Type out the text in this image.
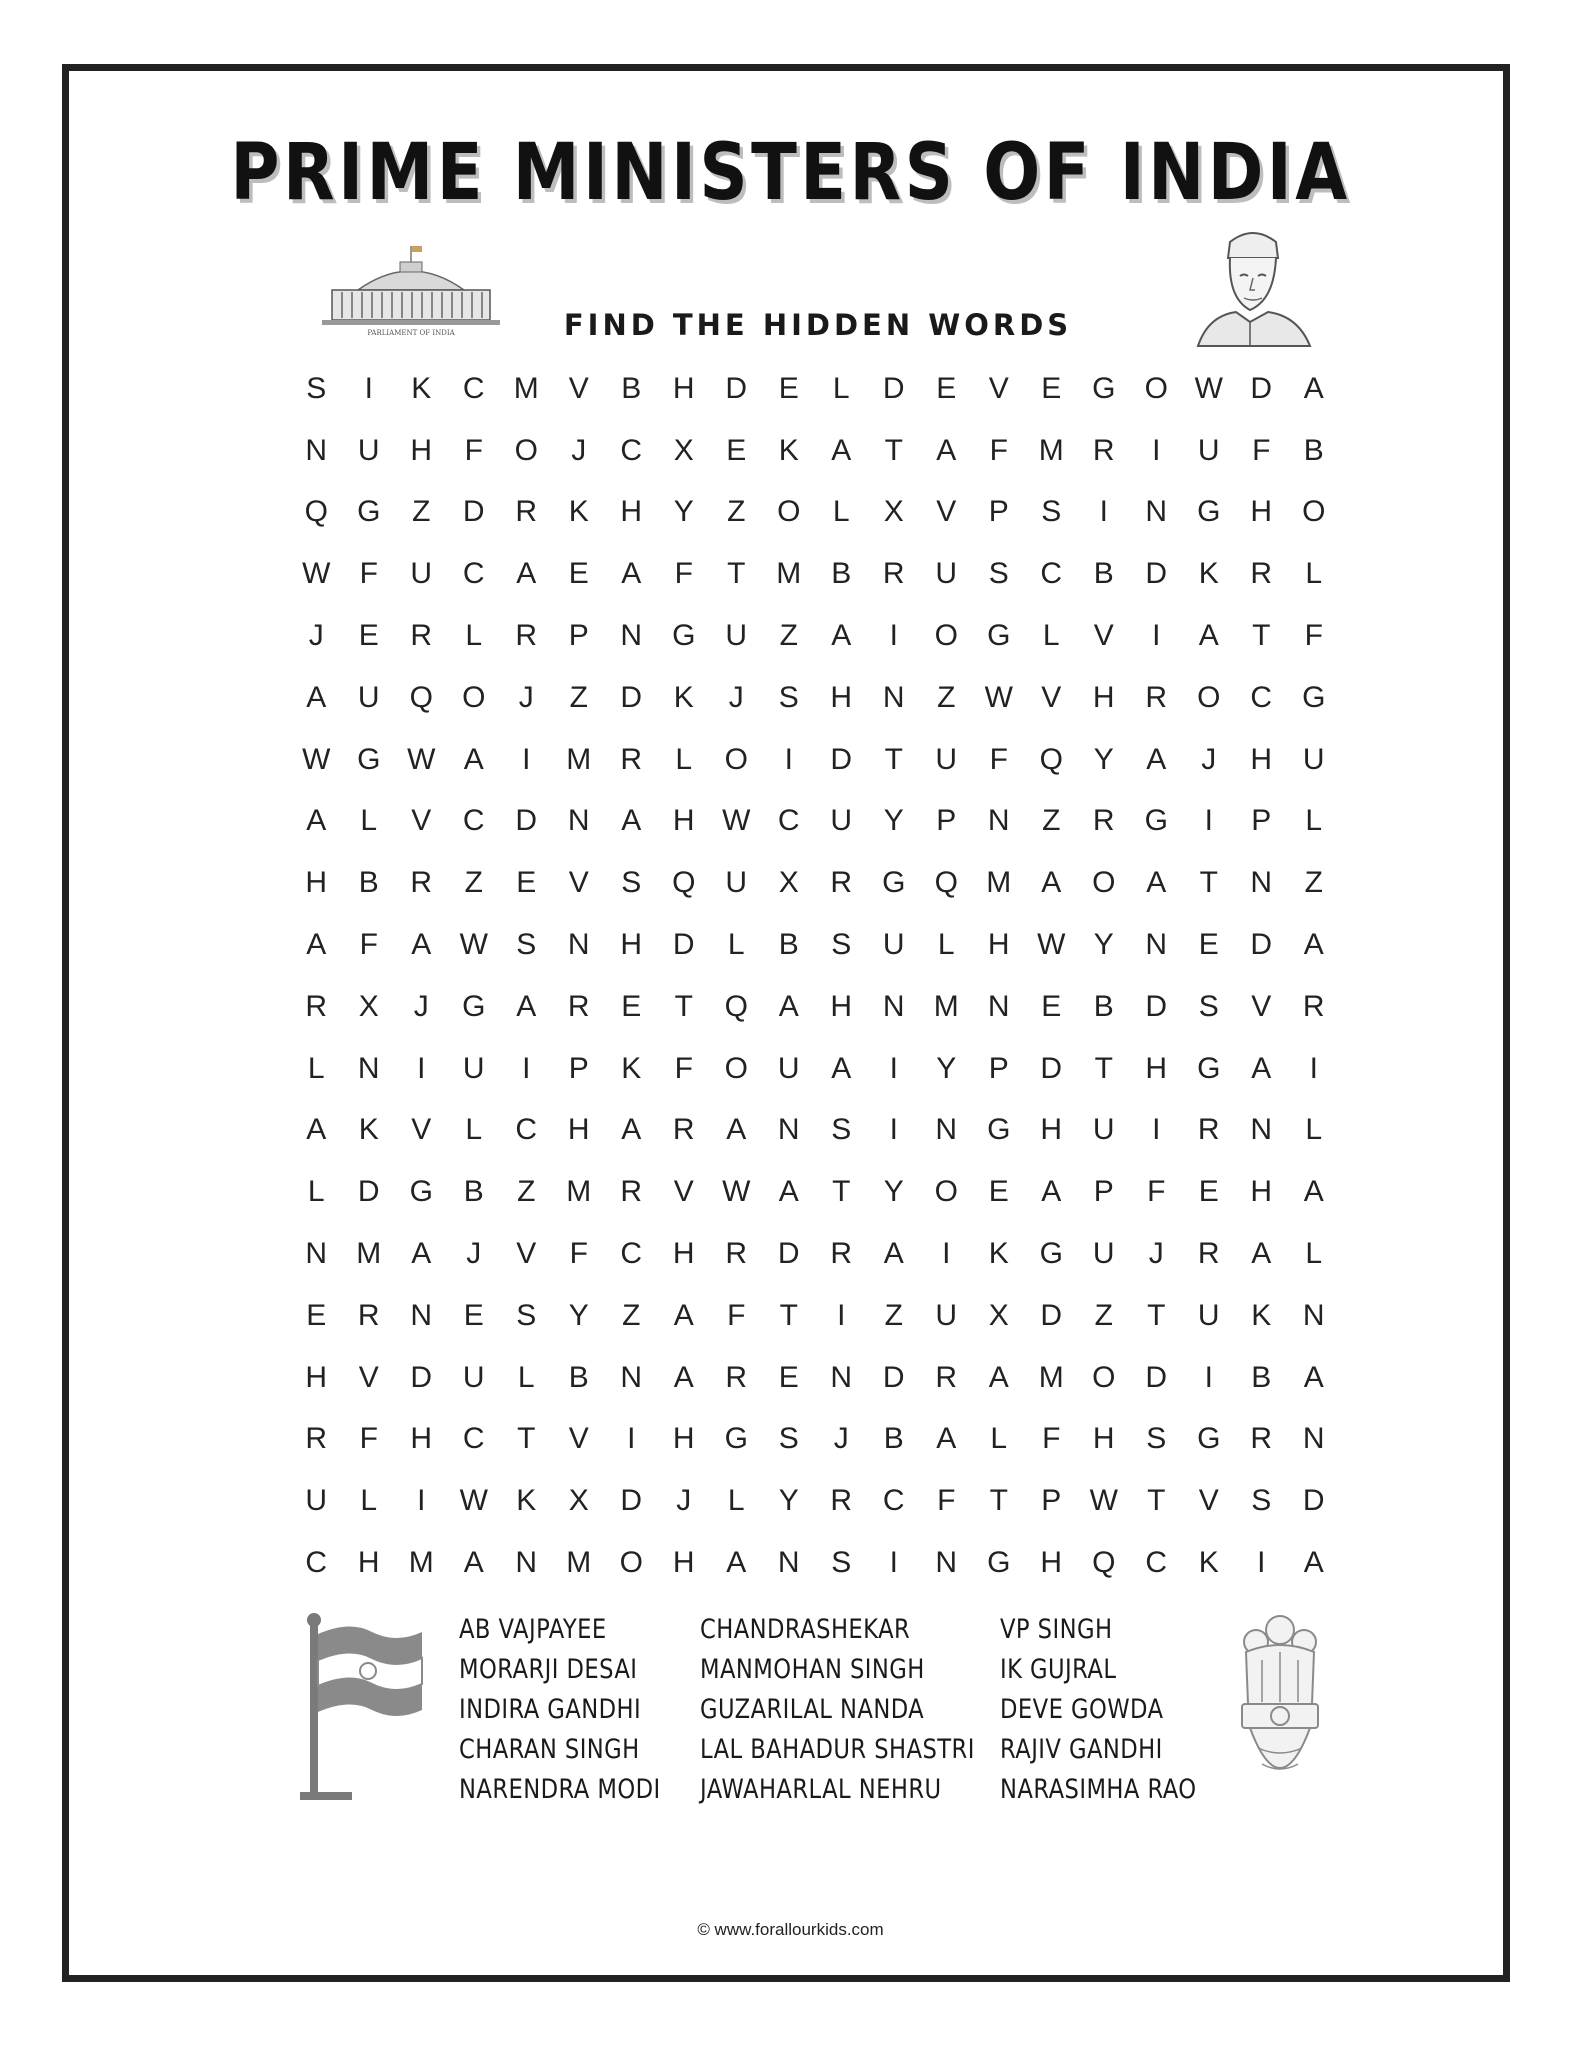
PRIME MINISTERS OF INDIA
PARLIAMENT OF INDIA	FIND THE HIDDEN WORDS
S	I	K	C M V	B	H	D	E	L	D	E	V	E	G O W D	A
N	U	H	F	O	J	C	X	E	K	A	T	A	F	M R	I	U	F	B
Q G	Z	D	R	K	H	Y	Z	O	L	X	V	P	S	I	N	G H	O
W F	U	C	A	E	A	F	T	M B	R	U	S	C	B	D	K	R	L
J	E	R	L	R	P	N	G U	Z	A	I	O G	L	V	I	A	T	F
A	U	Q O	J	Z	D	K	J	S	H	N	Z W V	H	R	O C	G
W G W A	I	M R	L	O	I	D	T	U	F	Q	Y	A	J	H	U
A	L	V	C	D	N	A	H W C	U	Y	P	N	Z	R	G	I	P	L
H	B	R	Z	E	V	S	Q U	X	R	G Q M A	O	A	T	N	Z
A	F	A W S	N	H	D	L	B	S	U	L	H W Y	N	E	D	A
R	X	J	G	A	R	E	T	Q	A	H	N M N	E	B	D	S	V	R
L	N	I	U	I	P	K	F	O U	A	I	Y	P	D	T	H	G	A	I
A	K	V	L	C	H	A	R	A	N	S	I	N	G H	U	I	R	N	L
L	D	G	B	Z	M R	V W A	T	Y	O	E	A	P	F	E	H	A
N M A	J	V	F	C	H	R	D	R	A	I	K	G U	J	R	A	L
E	R	N	E	S	Y	Z	A	F	T	I	Z	U	X	D	Z	T	U	K	N
H	V	D	U	L	B	N	A	R	E	N	D	R	A	M O D	I	B	A
R	F	H	C	T	V	I	H	G	S	J	B	A	L	F	H	S	G R	N
U	L	I	W K	X	D	J	L	Y	R	C	F	T	P W T	V	S	D
C	H M A	N M O H	A	N	S	I	N	G H	Q C	K	I	A
AB VAJPAYEE
MORARJI DESAI
INDIRA GANDHI
CHARAN SINGH
NARENDRA MODI
CHANDRASHEKAR
MANMOHAN SINGH
GUZARILAL NANDA
LAL BAHADUR SHASTRI
JAWAHARLAL NEHRU
VP SINGH
IK GUJRAL
DEVE GOWDA
RAJIV GANDHI
NARASIMHA RAO
© www.forallourkids.com
